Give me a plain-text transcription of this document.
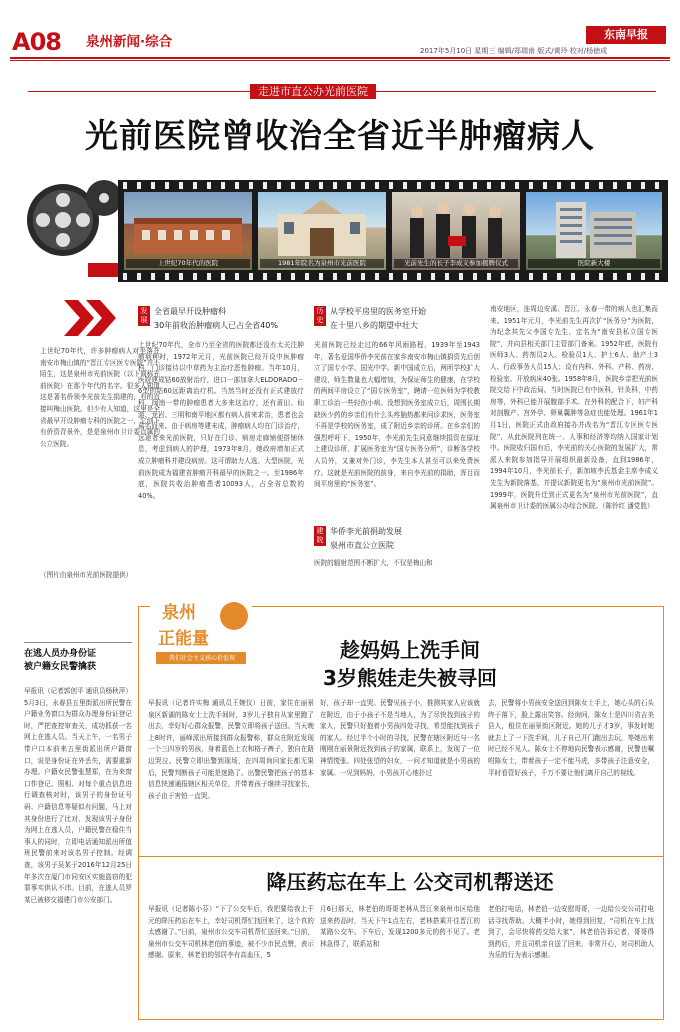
A08 泉州新闻·综合	东南早报
2017年5月10日 星期三 编辑/郑瑞南 版式/黄玲 校对/杨徳成
走进市直公办光前医院
光前医院曾收治全省近半肿瘤病人
上世纪70年代的医院	1981年院名为泉州市光前医院	光前先生的长子李成义参加揭牌仪式	医院新大楼
上世纪70年代，许多肿瘤病人对坐落在南安市梅山镇的“晋江专区医专医院”并不陌生，这是泉州市光前医院（以下简称光前医院）在那个年代的名字。很多人知道这是著名侨领李光前先生捐建的，有的直接叫梅山医院。但少有人知道，这里是全省最早开设肿瘤专科的医院之一，它创下有侨资背景外，是是泉州市卫计委直属的公立医院。
（图片由泉州市光前医院提供）
发展
全省最早开设肿瘤科
30年前收治肿瘤病人已占全省40%
上世纪70年代，全市乃至全省的医院都还没有太关注肿瘤病种时，1972年元月，光前医院已经开设中医肿瘤科，门诊接待以中草药为主治疗恶性肿瘤。当年10月，医院建成钴60放射治疗，进口一部加拿大ELDORADO－6型的钴60远距离治疗机。当然当时还没有正式建放疗科，闽南一带的肿瘤患者大多来这治疗，还有莆田、仙游、龙岩、三明和南平地区都有病人前来求治，患者也会慕名而来。由于病房等建未成，肿瘤病人均在门诊治疗，远途者来光前医院，只好在门诊、病房走廊铺便搭铺休息，考虑到病人的护理，1973年8月，她政府增加正式成立肿瘤科并建设病房。这可谓助力人选、大型医院，光前医院成为福建省肿瘤开科最早的医院之一。至1986年底，医院共收治肿瘤患者10093人，占全省总数的40%。
历史
从学校平房里的医务室开始
在十里八乡的期望中壮大
光前医院已经走过的66年风雨路程，1939年至1943年，著名爱国华侨李光前在家乡南安市梅山镇捐资先后创立了国专小学、国光中学。新中国成立后，两所学校扩大建设，师生数量也大幅增加，为保证师生的健康，在学校的两间平房设立了“国专医务室”，聘请一位医师为学校教职工诊治一些轻伤小病。没想到医务室成立后，周围长期缺医少药的乡亲们有什么头疼脑热都来问诊求医，医务室不再是学校的医务室，成了附近乡亲的诊所。在乡亲们的强烈呼吁下，1950年，李光前先生同意继续捐资在原址上建设诊所，扩展医务室为“国专医务分所”，诊断各学校人员外，又兼对外门诊，李先生本人甚至可以来免费医疗。这就是光前医院的前身，来自李光前的捐助，浑目而间平房里的“医务室”。
建院
华侨李光前捐助发展
泉州市直公立医院
医院的辐射范围不断扩大，不仅是梅山和
南安地区，连周边安溪、晋江、永春一带的病人也汇集而来。1951年元月，李光前先生再次扩“医务分”为医院，为纪念其先父李国专先生，定名为“南安县私立国专医院”，并向县相关部门主管部门备案。1952年底，医院有医师3人、药剂员2人、检验员1人、护士6人、助产士3人、行政事务人员15人；设有内科、外科、产科、药房、检验室、开放病床40张。1958年8月，医院乡亲把光前医院交给下中政治局。当时医院已有中医科，针灸科，中药房等，外科已能开展腹部手术。在外科的配合下，妇产科对剖腹产、宫外孕、卵巢囊肿等急症也能处理。1961年1月1日，医院正式由政府接办并改名为“晋江专区医专医院”，从此医院列在统一、人事和经济等均纳入国家计划中。医院收归国有后，李光前的关心医院的发展扩大，常派人来院参加指导开展组织最新设备，直到1986年，1994年10月，李光前长子，新加坡李氏基金主席李成义先生为新院落基，并提议新院更名为“泉州市光前医院”。1999年，医院升迁到正式更名为“泉州市光前医院”，直属泉州市卫计委的医属公办综合医院。（陈铃红 潘党胜）
在逃人员办身份证
被户籍女民警擒获
早报讯（记者郭创平 通讯员杨秋萍）5月3日，永春县五里街派出所民警在户籍业务窗口为群众办理身份证登记时，严把查控审查关，成功抓获一名网上在逃人员。当天上午，一名男子带户口本前来五里街派出所户籍窗口，说是身份证在外丢失，需要重新办理。户籍女民警张慧郑，在为来窗口作登记、照相、对每个重点信息进行调查核对时，该男子的身份证号码、户籍信息等疑似有问题，马上对其身份进行了比对，发现该男子身份为网上在逃人员，户籍民警在稳住当事人的同时，立即电话通知派出所值班民警前来对该名男子控制。经调查，该男子吴某于2016年12月25日年多次在厦门市同安区实施盗窃的犯罪事实供认不讳。目前，在逃人员罗某已被移交福建门市公安部门。
泉州
正能量
我们社会主义核心价值观	趁妈妈上洗手间
3岁熊娃走失被寻回
早报讯（记者许实梅 通讯员王婉仪）日前，家住在丽景泉区新湖的陈女士上洗手间时，3岁儿子独自从家里跑了出去，幸好好心群众报警，民警立即将孩子送回。当天晚上8时许，丽峰派出所接到群众报警称，群众在附近发现一个三四岁的男孩，身着蓝色上衣和格子裤子，独自在路边哭泣。民警立即出警到现场，在四周询问家长都无果后，民警判断孩子可能是迷路了。出警民警把孩子的基本信息快速通报辖区相关单位，并带着孩子继续寻找家长，孩子由于害怕一直哭。
好，孩子却一直哭。民警见孩子小，推测其家人应该就在附近，由于小孩子不是当地人，为了尽快找到孩子的家人，民警只好抱着小男孩四处寻找，希望能找到孩子的家人。经过半个小时的寻找，民警在辖区附近与一名刚刚在丽景附近找到孩子的家属，联系上，发现了一位神情慌张、四处张望的妇女，一问才知道就是小男孩的家属。一见到妈妈，小男孩开心地扑过
去，民警将小男孩安全送回到陈女士手上，她心头的石头终于落下，脸上露出笑容。经询问，陈女士是四川省吉美县人，租住在丽景街区附近。她的儿子才3岁，事发时她就去上了一下洗手间，儿子自己开门跑出去玩，等她出来时已经不见人。陈女士不停地向民警表示感谢，民警也嘱咐陈女士，带着孩子一定不能马虎，多带孩子注意安全，平时看管好孩子，千万不要让他们离开自己的视线。
降压药忘在车上 公交司机帮送还
早报讯（记者陈小芬）“下了公交车后，我把要给我上千元的降压药忘在车上，幸好司机帮忙找回来了，这个真的太感谢了。”日前，泉州市公交车司机帮忙送回来。”日前，泉州市公交车司机林老伯的事迹，被不少市民点赞，表示感谢。原来，林老伯的邻居李有高血压，5
月6日那天，林老伯的哥哥老林从晋江来泉州市区给他送来药品时，当天下午1点左右，老林搭乘开往晋江的某路公交车。下车后，发现1200多元的药不见了。老林急得了，联系站和
老伯打电话，林老伯一边安慰哥哥，一边给公交公司打电话寻找帮助。大概半小时，她得到回复，“司机在车上找到了，会尽快将药交给大家”，林老伯告诉记者，哥哥得到药后，并且司机亲自送了回来，非常开心，对司机助人为乐的行为表示感谢。
